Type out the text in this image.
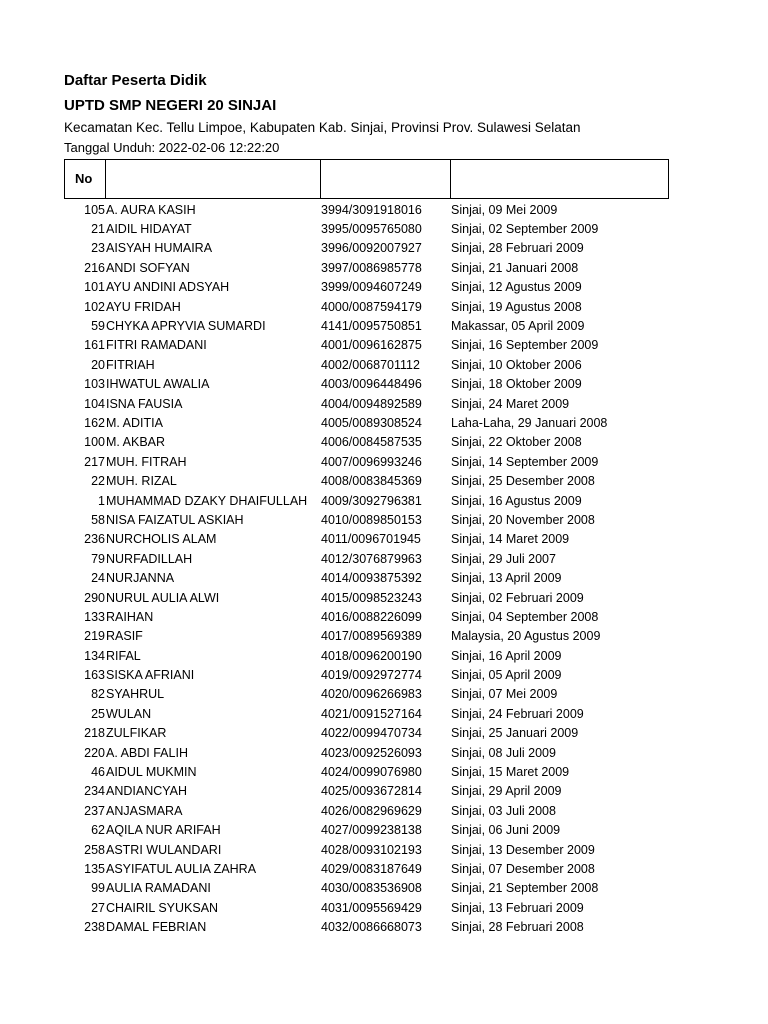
Daftar Peserta Didik
UPTD SMP NEGERI 20 SINJAI
Kecamatan Kec. Tellu Limpoe, Kabupaten Kab. Sinjai, Provinsi Prov. Sulawesi Selatan
Tanggal Unduh: 2022-02-06 12:22:20
No
105 A. AURA KASIH	3994/3091918016	Sinjai, 09 Mei 2009
21 AIDIL HIDAYAT	3995/0095765080	Sinjai, 02 September 2009
23 AISYAH HUMAIRA	3996/0092007927	Sinjai, 28 Februari 2009
216 ANDI SOFYAN	3997/0086985778	Sinjai, 21 Januari 2008
101 AYU ANDINI ADSYAH	3999/0094607249	Sinjai, 12 Agustus 2009
102 AYU FRIDAH	4000/0087594179	Sinjai, 19 Agustus 2008
59 CHYKA APRYVIA SUMARDI	4141/0095750851	Makassar, 05 April 2009
161 FITRI RAMADANI	4001/0096162875	Sinjai, 16 September 2009
20 FITRIAH	4002/0068701112	Sinjai, 10 Oktober 2006
103 IHWATUL AWALIA	4003/0096448496	Sinjai, 18 Oktober 2009
104 ISNA FAUSIA	4004/0094892589	Sinjai, 24 Maret 2009
162 M. ADITIA	4005/0089308524	Laha-Laha, 29 Januari 2008
100 M. AKBAR	4006/0084587535	Sinjai, 22 Oktober 2008
217 MUH. FITRAH	4007/0096993246	Sinjai, 14 September 2009
22 MUH. RIZAL	4008/0083845369	Sinjai, 25 Desember 2008
1 MUHAMMAD DZAKY DHAIFULLAH	4009/3092796381	Sinjai, 16 Agustus 2009
58 NISA FAIZATUL ASKIAH	4010/0089850153	Sinjai, 20 November 2008
236 NURCHOLIS ALAM	4011/0096701945	Sinjai, 14 Maret 2009
79 NURFADILLAH	4012/3076879963	Sinjai, 29 Juli 2007
24 NURJANNA	4014/0093875392	Sinjai, 13 April 2009
290 NURUL AULIA ALWI	4015/0098523243	Sinjai, 02 Februari 2009
133 RAIHAN	4016/0088226099	Sinjai, 04 September 2008
219 RASIF	4017/0089569389	Malaysia, 20 Agustus 2009
134 RIFAL	4018/0096200190	Sinjai, 16 April 2009
163 SISKA AFRIANI	4019/0092972774	Sinjai, 05 April 2009
82 SYAHRUL	4020/0096266983	Sinjai, 07 Mei 2009
25 WULAN	4021/0091527164	Sinjai, 24 Februari 2009
218 ZULFIKAR	4022/0099470734	Sinjai, 25 Januari 2009
220 A. ABDI FALIH	4023/0092526093	Sinjai, 08 Juli 2009
46 AIDUL MUKMIN	4024/0099076980	Sinjai, 15 Maret 2009
234 ANDIANCYAH	4025/0093672814	Sinjai, 29 April 2009
237 ANJASMARA	4026/0082969629	Sinjai, 03 Juli 2008
62 AQILA NUR ARIFAH	4027/0099238138	Sinjai, 06 Juni 2009
258 ASTRI WULANDARI	4028/0093102193	Sinjai, 13 Desember 2009
135 ASYIFATUL AULIA ZAHRA	4029/0083187649	Sinjai, 07 Desember 2008
99 AULIA RAMADANI	4030/0083536908	Sinjai, 21 September 2008
27 CHAIRIL SYUKSAN	4031/0095569429	Sinjai, 13 Februari 2009
238 DAMAL FEBRIAN	4032/0086668073	Sinjai, 28 Februari 2008
